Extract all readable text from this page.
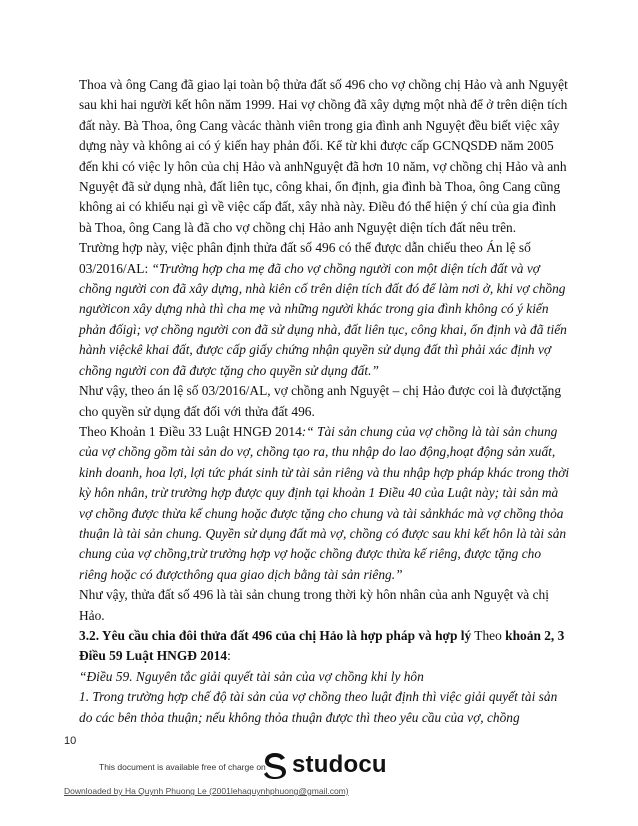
Thoa và ông Cang đã giao lại toàn bộ thửa đất số 496 cho vợ chồng chị Hảo và anh Nguyệt sau khi hai người kết hôn năm 1999. Hai vợ chồng đã xây dựng một nhà để ở trên diện tích đất này. Bà Thoa, ông Cang vàcác thành viên trong gia đình anh Nguyệt đều biết việc xây dựng này và không ai có ý kiến hay phản đối. Kể từ khi được cấp GCNQSDĐ năm 2005 đến khi có việc ly hôn của chị Hảo và anhNguyệt đã hơn 10 năm, vợ chồng chị Hảo và anh Nguyệt đã sử dụng nhà, đất liên tục, công khai, ổn định, gia đình bà Thoa, ông Cang cũng không ai có khiếu nại gì về việc cấp đất, xây nhà này. Điều đó thể hiện ý chí của gia đình bà Thoa, ông Cang là đã cho vợ chồng chị Hảo anh Nguyệt diện tích đất nêu trên.

Trường hợp này, việc phân định thửa đất số 496 có thể được dẫn chiếu theo Án lệ số 03/2016/AL: “Trường hợp cha mẹ đã cho vợ chồng người con một diện tích đất và vợ chồng người con đã xây dựng, nhà kiên cố trên diện tích đất đó để làm nơi ở, khi vợ chồng ngườicon xây dựng nhà thì cha mẹ và những người khác trong gia đình không có ý kiến phản đốigì; vợ chồng người con đã sử dụng nhà, đất liên tục, công khai, ổn định và đã tiến hành việckê khai đất, được cấp giấy chứng nhận quyền sử dụng đất thì phải xác định vợ chồng người con đã được tặng cho quyền sử dụng đất.”

Như vậy, theo án lệ số 03/2016/AL, vợ chồng anh Nguyệt – chị Hảo được coi là đượctặng cho quyền sử dụng đất đối với thửa đất 496.

Theo Khoản 1 Điều 33 Luật HNGĐ 2014:“ Tài sản chung của vợ chồng là tài sản chung của vợ chồng gồm tài sản do vợ, chồng tạo ra, thu nhập do lao động,hoạt động sản xuất, kinh doanh, hoa lợi, lợi tức phát sinh từ tài sản riêng và thu nhập hợp pháp khác trong thời kỳ hôn nhân, trừ trường hợp được quy định tại khoản 1 Điều 40 của Luật này; tài sản mà vợ chồng được thừa kế chung hoặc được tặng cho chung và tài sảnkhác mà vợ chồng thỏa thuận là tài sản chung. Quyền sử dụng đất mà vợ, chồng có được sau khi kết hôn là tài sản chung của vợ chồng,trừ trường hợp vợ hoặc chồng được thừa kế riêng, được tặng cho riêng hoặc có đượcthông qua giao dịch bằng tài sản riêng.”

Như vậy, thửa đất số 496 là tài sản chung trong thời kỳ hôn nhân của anh Nguyệt và chị Hảo.

3.2. Yêu cầu chia đôi thửa đất 496 của chị Hảo là hợp pháp và hợp lý Theo khoản 2, 3 Điều 59 Luật HNGĐ 2014:

“Điều 59. Nguyên tắc giải quyết tài sản của vợ chồng khi ly hôn

1. Trong trường hợp chế độ tài sản của vợ chồng theo luật định thì việc giải quyết tài sản do các bên thỏa thuận; nếu không thỏa thuận được thì theo yêu cầu của vợ, chồng

10
This document is available free of charge on studocu
Downloaded by Ha Quynh Phuong Le (2001lehaquynhphuong@gmail.com)
